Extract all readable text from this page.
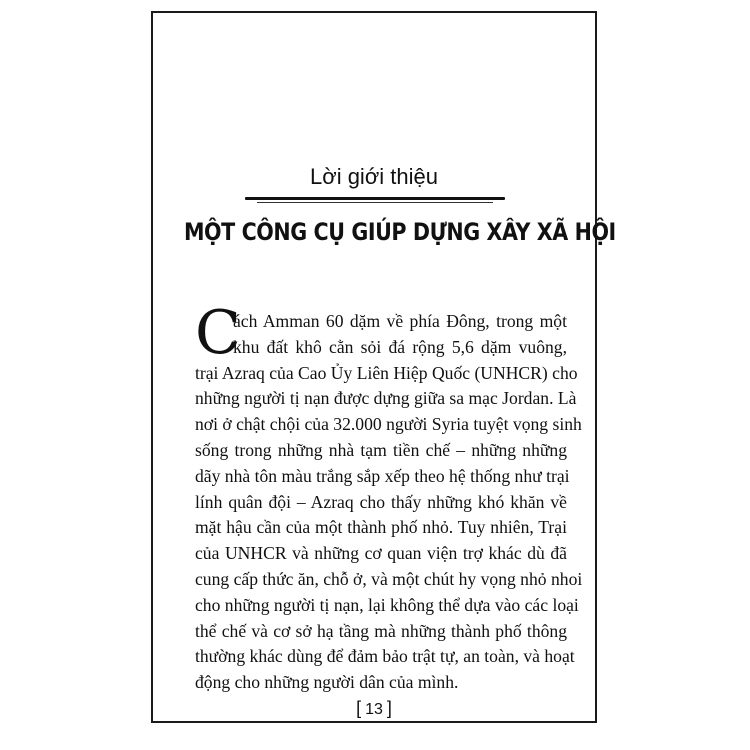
Lời giới thiệu
MỘT CÔNG CỤ GIÚP DỰNG XÂY XÃ HỘI
C
ách Amman 60 dặm về phía Đông, trong một
khu đất khô cằn sỏi đá rộng 5,6 dặm vuông,
trại Azraq của Cao Ủy Liên Hiệp Quốc (UNHCR) cho
những người tị nạn được dựng giữa sa mạc Jordan. Là
nơi ở chật chội của 32.000 người Syria tuyệt vọng sinh
sống trong những nhà tạm tiền chế – những những
dãy nhà tôn màu trắng sắp xếp theo hệ thống như trại
lính quân đội – Azraq cho thấy những khó khăn về
mặt hậu cần của một thành phố nhỏ. Tuy nhiên, Trại
của UNHCR và những cơ quan viện trợ khác dù đã
cung cấp thức ăn, chỗ ở, và một chút hy vọng nhỏ nhoi
cho những người tị nạn, lại không thể dựa vào các loại
thể chế và cơ sở hạ tầng mà những thành phố thông
thường khác dùng để đảm bảo trật tự, an toàn, và hoạt
động cho những người dân của mình.
[ 13 ]
